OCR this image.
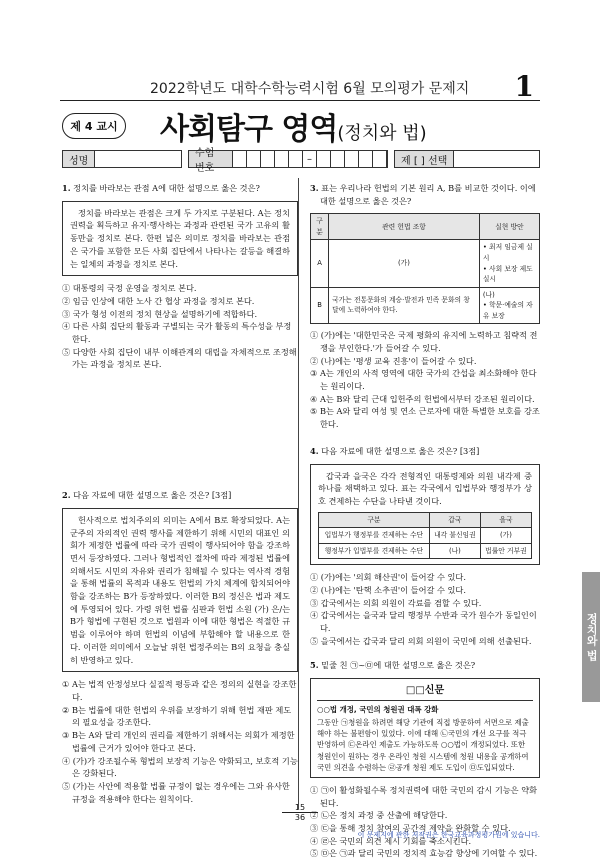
2022학년도 대학수학능력시험 6월 모의평가 문제지 1
제 4 교시 사회탐구 영역(정치와 법)
성명
수험 번호
–	제 [ ] 선택
1. 정치를 바라보는 관점 A에 대한 설명으로 옳은 것은?
정치를 바라보는 관점은 크게 두 가지로 구분된다. A는 정치 권력을 획득하고 유지·행사하는 과정과 관련된 국가 고유의 활동만을 정치로 본다. 한편 넓은 의미로 정치를 바라보는 관점은 국가를 포함한 모든 사회 집단에서 나타나는 갈등을 해결하는 일체의 과정을 정치로 본다.
① 대통령의 국정 운영을 정치로 본다.
② 임금 인상에 대한 노사 간 협상 과정을 정치로 본다.
③ 국가 형성 이전의 정치 현상을 설명하기에 적합하다.
④ 다른 사회 집단의 활동과 구별되는 국가 활동의 특수성을 부정한다.
⑤ 다양한 사회 집단이 내부 이해관계의 대립을 자체적으로 조정해가는 과정을 정치로 본다.
2. 다음 자료에 대한 설명으로 옳은 것은? [3점]
헌사적으로 법치주의의 의미는 A에서 B로 확장되었다. A는 군주의 자의적인 권력 행사를 제한하기 위해 시민의 대표인 의회가 제정한 법률에 따라 국가 권력이 행사되어야 함을 강조하면서 등장하였다. 그러나 형법적인 절차에 따라 제정된 법률에 의해서도 시민의 자유와 권리가 침해될 수 있다는 역사적 경험을 통해 법률의 목적과 내용도 헌법의 가치 체계에 합치되어야 함을 강조하는 B가 등장하였다. 이러한 B의 정신은 법과 제도에 투영되어 있다. 가령 위헌 법률 심판과 헌법 소원 (가) 은/는 B가 형법에 구현된 것으로 법원과 이에 대한 형법은 적절한 규범을 이루어야 하며 헌법의 이념에 부합해야 할 내용으로 한다. 이러한 의미에서 오늘날 위헌 법정주의는 B의 요청을 충실히 반영하고 있다.
① A는 법적 안정성보다 실질적 평등과 같은 정의의 실현을 강조한다.
② B는 법률에 대한 헌법의 우위를 보장하기 위해 헌법 재판 제도의 필요성을 강조한다.
③ B는 A와 달리 개인의 권리를 제한하기 위해서는 의회가 제정한 법률에 근거가 있어야 한다고 본다.
④ (가)가 강조될수록 형법의 보장적 기능은 약화되고, 보호적 기능은 강화된다.
⑤ (가)는 사안에 적용할 법률 규정이 없는 경우에는 그와 유사한 규정을 적용해야 한다는 원칙이다.
3. 표는 우리나라 헌법의 기본 원리 A, B를 비교한 것이다. 이에 대한 설명으로 옳은 것은?
구분	관련 헌법 조항	실현 방안
A	(가)	• 최저 임금제 실시
• 사회 보장 제도 실시
B	국가는 전통문화의 계승·발전과 민족 문화의 창달에 노력하여야 한다.	(나)
• 학문·예술의 자유 보장
① (가)에는 '대한민국은 국제 평화의 유지에 노력하고 침략적 전쟁을 부인한다.'가 들어갈 수 있다.
② (나)에는 '평생 교육 진흥'이 들어갈 수 있다.
③ A는 개인의 사적 영역에 대한 국가의 간섭을 최소화해야 한다는 원리이다.
④ A는 B와 달리 근대 입헌주의 헌법에서부터 강조된 원리이다.
⑤ B는 A와 달리 여성 및 연소 근로자에 대한 특별한 보호를 강조한다.
4. 다음 자료에 대한 설명으로 옳은 것은? [3점]
갑국과 을국은 각각 전형적인 대통령제와 의원 내각제 중 하나를 채택하고 있다. 표는 각국에서 입법부와 행정부가 상호 견제하는 수단을 나타낸 것이다.
구분	갑국	을국
입법부가 행정부를 견제하는 수단	내각 불신임권	(가)
행정부가 입법부를 견제하는 수단	(나)	법률안 거부권
① (가)에는 '의회 해산권'이 들어갈 수 있다.
② (나)에는 '탄핵 소추권'이 들어갈 수 있다.
③ 갑국에서는 의회 의원이 각료를 겸할 수 있다.
④ 갑국에서는 을국과 달리 행정부 수반과 국가 원수가 동일인이다.
⑤ 을국에서는 갑국과 달리 의회 의원이 국민에 의해 선출된다.
5. 밑줄 친 ㉠~㉤에 대한 설명으로 옳은 것은?
□□신문
○○법 개정, 국민의 청원권 대폭 강화
그동안 ㉠청원을 하려면 해당 기관에 직접 방문하여 서면으로 제출해야 하는 불편함이 있었다. 이에 대해 ㉡국민의 개선 요구를 적극 반영하여 ㉢온라인 제출도 가능하도록 ○○법이 개정되었다. 또한 청원인이 원하는 경우 온라인 청원 시스템에 청원 내용을 공개하여 국민 의견을 수렴하는 ㉣공개 청원 제도 도입이 ㉤도입되었다.
① ㉠이 활성화될수록 정치권력에 대한 국민의 감시 기능은 약화된다.
② ㉡은 정치 과정 중 산출에 해당한다.
③ ㉢을 통해 정치 참여의 공간적 제약을 완화할 수 있다.
④ ㉣은 국민의 의견 제시 기회를 축소시킨다.
⑤ ㉤은 ㉠과 달리 국민의 정치적 효능감 향상에 기여할 수 있다.
정치와 법
15
36
이 문제지에 관한 저작권은 한국교육과정평가원에 있습니다.
